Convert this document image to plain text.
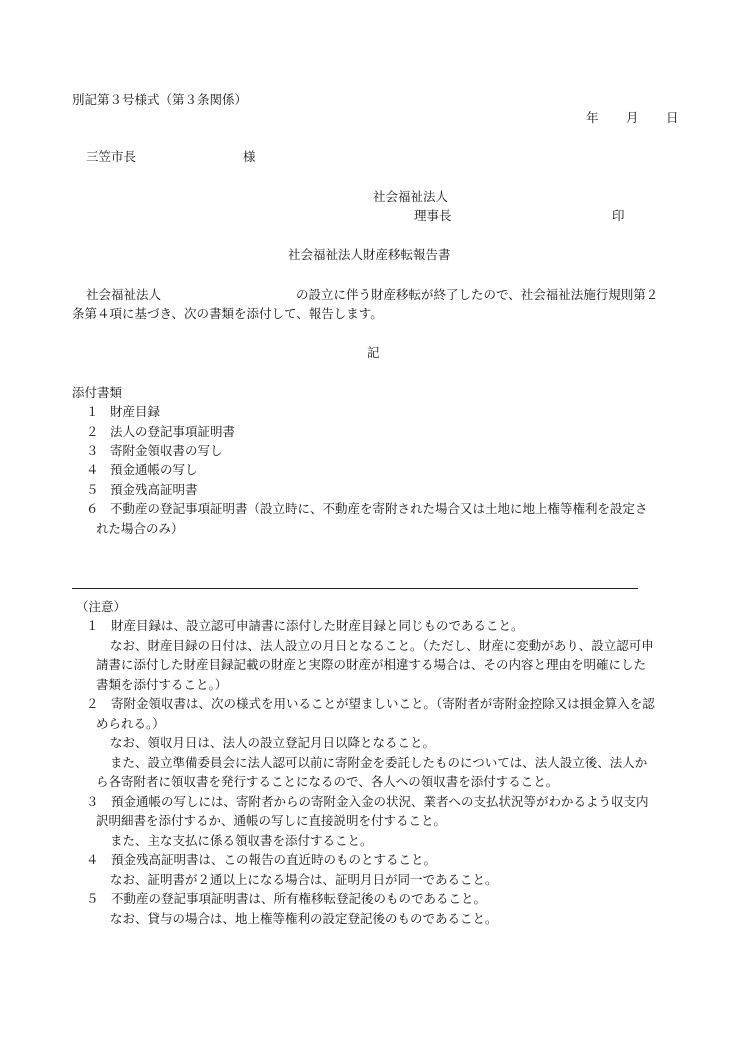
別記第３号様式（第３条関係）
年 月 日
三笠市長	様
社会福祉法人
理事長	印
社会福祉法人財産移転報告書
社会福祉法人	の設立に伴う財産移転が終了したので、社会福祉法施行規則第２
条第４項に基づき、次の書類を添付して、報告します。
記
添付書類
１ 財産目録
２ 法人の登記事項証明書
３ 寄附金領収書の写し
４ 預金通帳の写し
５ 預金残高証明書
６ 不動産の登記事項証明書（設立時に、不動産を寄附された場合又は土地に地上権等権利を設定さ
れた場合のみ）
（注意）
１　財産目録は、設立認可申請書に添付した財産目録と同じものであること。
なお、財産目録の日付は、法人設立の月日となること。（ただし、財産に変動があり、設立認可申
請書に添付した財産目録記載の財産と実際の財産が相違する場合は、その内容と理由を明確にした
書類を添付すること。）
２　寄附金領収書は、次の様式を用いることが望ましいこと。（寄附者が寄附金控除又は損金算入を認
められる。）
なお、領収月日は、法人の設立登記月日以降となること。
また、設立準備委員会に法人認可以前に寄附金を委託したものについては、法人設立後、法人か
ら各寄附者に領収書を発行することになるので、各人への領収書を添付すること。
３　預金通帳の写しには、寄附者からの寄附金入金の状況、業者への支払状況等がわかるよう収支内
訳明細書を添付するか、通帳の写しに直接説明を付すること。
また、主な支払に係る領収書を添付すること。
４　預金残高証明書は、この報告の直近時のものとすること。
なお、証明書が２通以上になる場合は、証明月日が同一であること。
５　不動産の登記事項証明書は、所有権移転登記後のものであること。
なお、貸与の場合は、地上権等権利の設定登記後のものであること。
